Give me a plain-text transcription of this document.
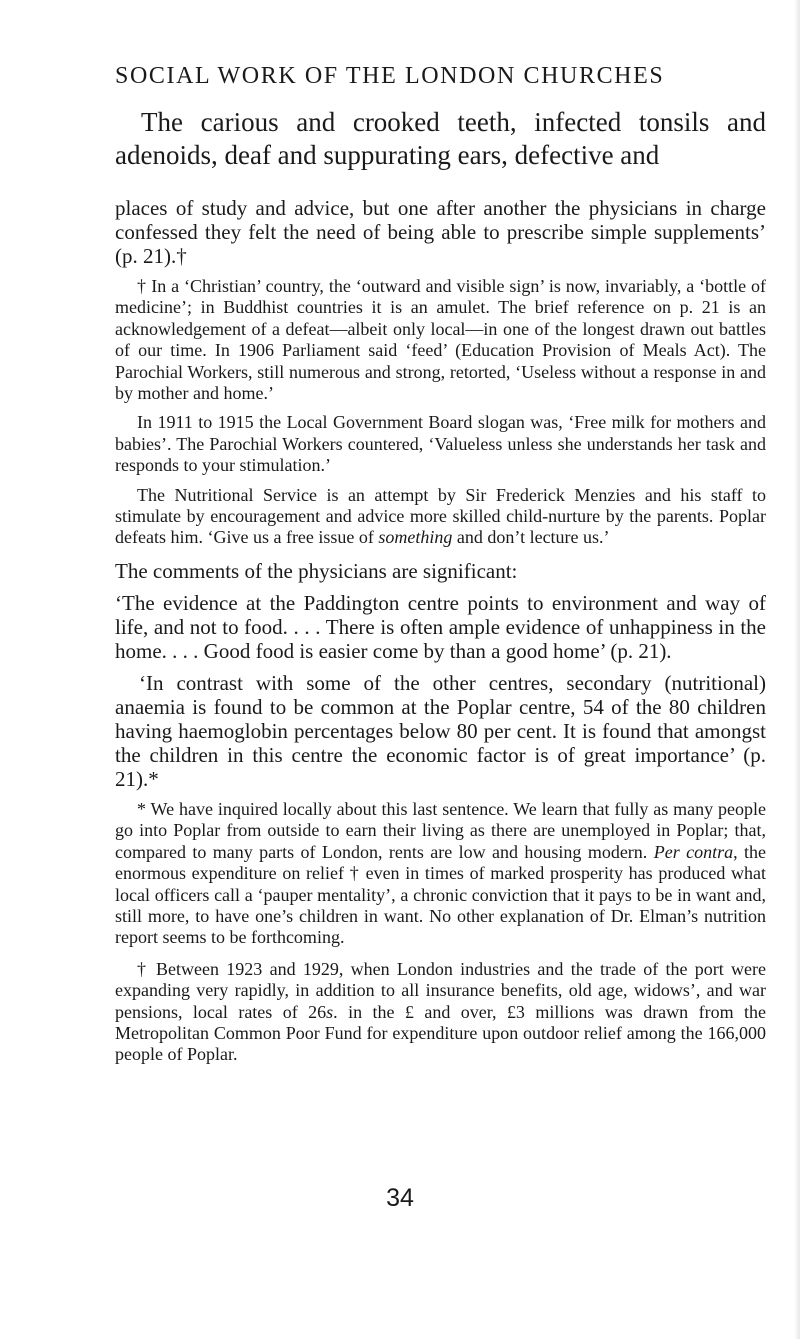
SOCIAL WORK OF THE LONDON CHURCHES

The carious and crooked teeth, infected tonsils and adenoids, deaf and suppurating ears, defective and

places of study and advice, but one after another the physicians in charge confessed they felt the need of being able to prescribe simple supplements’ (p. 21).†

† In a ‘Christian’ country, the ‘outward and visible sign’ is now, invariably, a ‘bottle of medicine’; in Buddhist countries it is an amulet. The brief reference on p. 21 is an acknowledgement of a defeat—albeit only local—in one of the longest drawn out battles of our time. In 1906 Parliament said ‘feed’ (Education Provision of Meals Act). The Parochial Workers, still numerous and strong, retorted, ‘Useless without a response in and by mother and home.’

In 1911 to 1915 the Local Government Board slogan was, ‘Free milk for mothers and babies’. The Parochial Workers countered, ‘Valueless unless she understands her task and responds to your stimulation.’

The Nutritional Service is an attempt by Sir Frederick Menzies and his staff to stimulate by encouragement and advice more skilled child-nurture by the parents. Poplar defeats him. ‘Give us a free issue of something and don’t lecture us.’

The comments of the physicians are significant:

‘The evidence at the Paddington centre points to environment and way of life, and not to food. . . . There is often ample evidence of unhappiness in the home. . . . Good food is easier come by than a good home’ (p. 21).

‘In contrast with some of the other centres, secondary (nutritional) anaemia is found to be common at the Poplar centre, 54 of the 80 children having haemoglobin percentages below 80 per cent. It is found that amongst the children in this centre the economic factor is of great importance’ (p. 21).*

* We have inquired locally about this last sentence. We learn that fully as many people go into Poplar from outside to earn their living as there are unemployed in Poplar; that, compared to many parts of London, rents are low and housing modern. Per contra, the enormous expenditure on relief † even in times of marked prosperity has produced what local officers call a ‘pauper mentality’, a chronic conviction that it pays to be in want and, still more, to have one’s children in want. No other explanation of Dr. Elman’s nutrition report seems to be forthcoming.

† Between 1923 and 1929, when London industries and the trade of the port were expanding very rapidly, in addition to all insurance benefits, old age, widows’, and war pensions, local rates of 26s. in the £ and over, £3 millions was drawn from the Metropolitan Common Poor Fund for expenditure upon outdoor relief among the 166,000 people of Poplar.

34
